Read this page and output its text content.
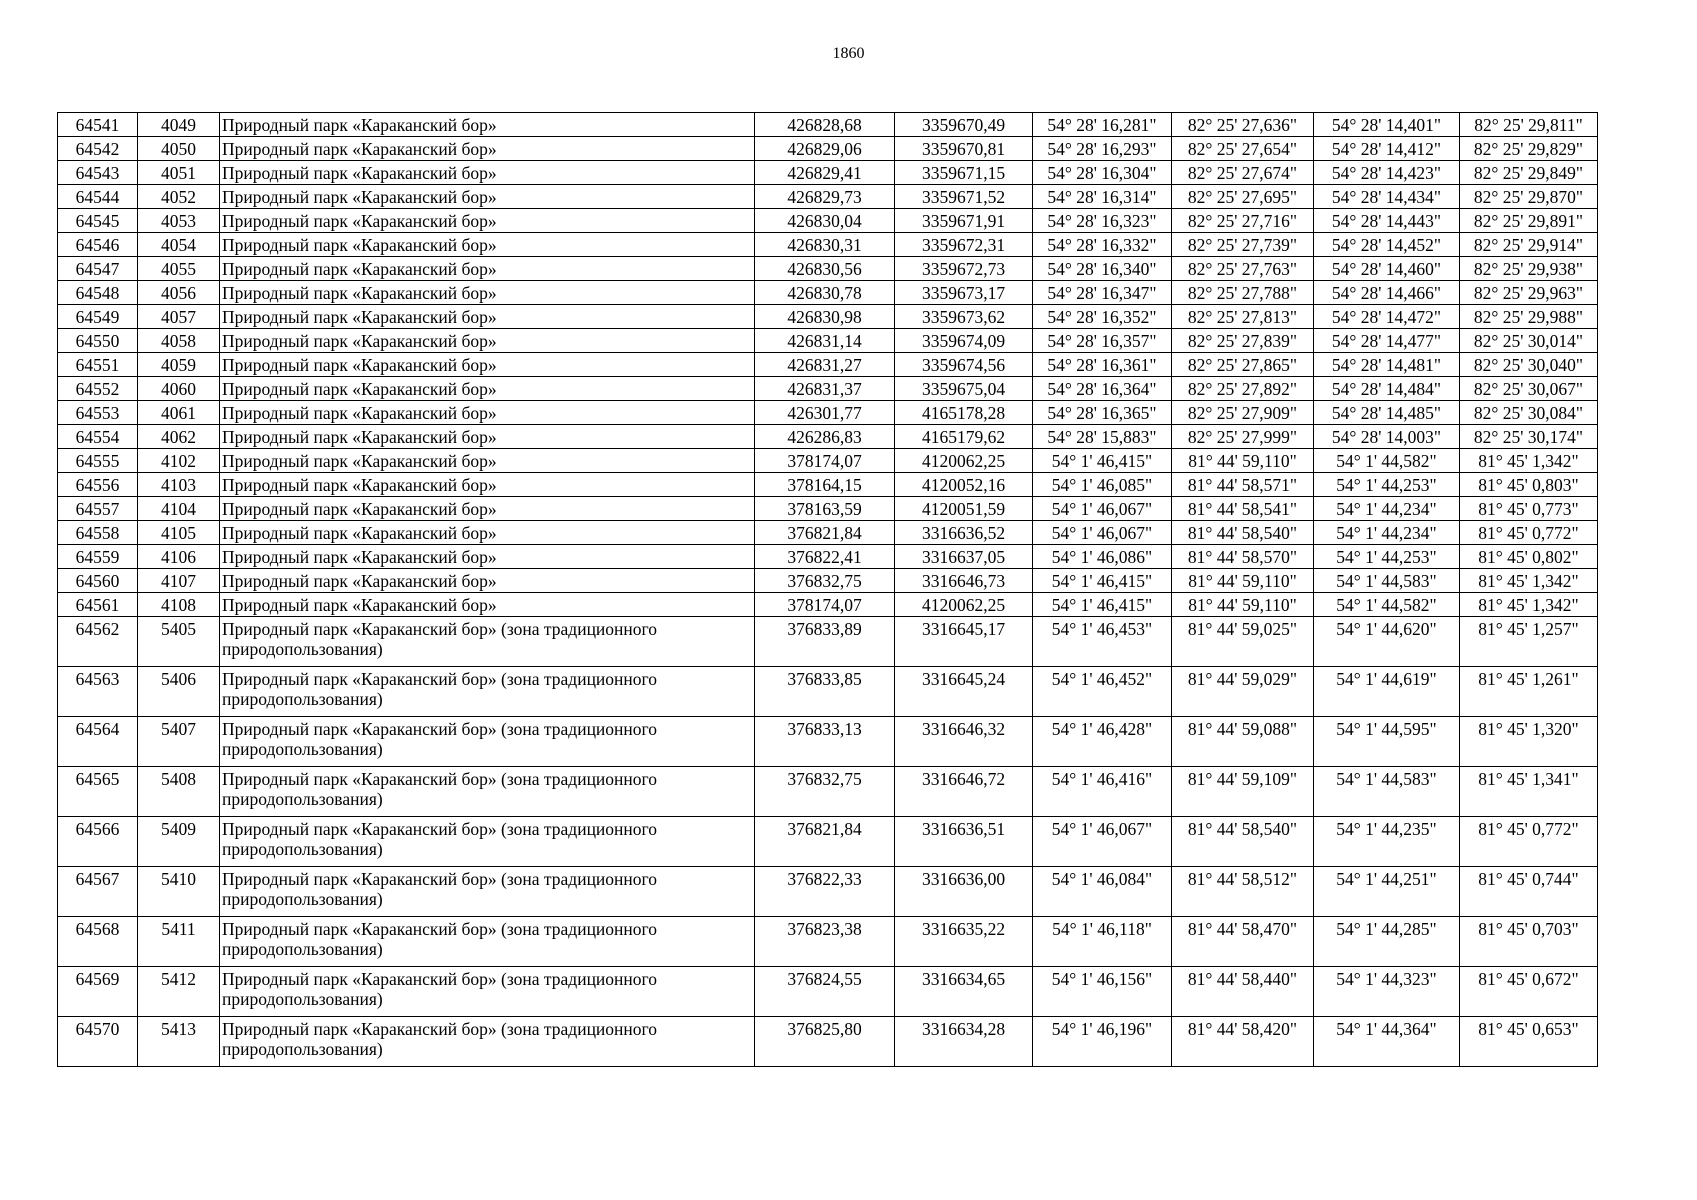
1860
64541	4049	Природный парк «Караканский бор»	426828,68	3359670,49	54° 28' 16,281"	82° 25' 27,636"	54° 28' 14,401"	82° 25' 29,811"
64542	4050	Природный парк «Караканский бор»	426829,06	3359670,81	54° 28' 16,293"	82° 25' 27,654"	54° 28' 14,412"	82° 25' 29,829"
64543	4051	Природный парк «Караканский бор»	426829,41	3359671,15	54° 28' 16,304"	82° 25' 27,674"	54° 28' 14,423"	82° 25' 29,849"
64544	4052	Природный парк «Караканский бор»	426829,73	3359671,52	54° 28' 16,314"	82° 25' 27,695"	54° 28' 14,434"	82° 25' 29,870"
64545	4053	Природный парк «Караканский бор»	426830,04	3359671,91	54° 28' 16,323"	82° 25' 27,716"	54° 28' 14,443"	82° 25' 29,891"
64546	4054	Природный парк «Караканский бор»	426830,31	3359672,31	54° 28' 16,332"	82° 25' 27,739"	54° 28' 14,452"	82° 25' 29,914"
64547	4055	Природный парк «Караканский бор»	426830,56	3359672,73	54° 28' 16,340"	82° 25' 27,763"	54° 28' 14,460"	82° 25' 29,938"
64548	4056	Природный парк «Караканский бор»	426830,78	3359673,17	54° 28' 16,347"	82° 25' 27,788"	54° 28' 14,466"	82° 25' 29,963"
64549	4057	Природный парк «Караканский бор»	426830,98	3359673,62	54° 28' 16,352"	82° 25' 27,813"	54° 28' 14,472"	82° 25' 29,988"
64550	4058	Природный парк «Караканский бор»	426831,14	3359674,09	54° 28' 16,357"	82° 25' 27,839"	54° 28' 14,477"	82° 25' 30,014"
64551	4059	Природный парк «Караканский бор»	426831,27	3359674,56	54° 28' 16,361"	82° 25' 27,865"	54° 28' 14,481"	82° 25' 30,040"
64552	4060	Природный парк «Караканский бор»	426831,37	3359675,04	54° 28' 16,364"	82° 25' 27,892"	54° 28' 14,484"	82° 25' 30,067"
64553	4061	Природный парк «Караканский бор»	426301,77	4165178,28	54° 28' 16,365"	82° 25' 27,909"	54° 28' 14,485"	82° 25' 30,084"
64554	4062	Природный парк «Караканский бор»	426286,83	4165179,62	54° 28' 15,883"	82° 25' 27,999"	54° 28' 14,003"	82° 25' 30,174"
64555	4102	Природный парк «Караканский бор»	378174,07	4120062,25	54° 1' 46,415"	81° 44' 59,110"	54° 1' 44,582"	81° 45' 1,342"
64556	4103	Природный парк «Караканский бор»	378164,15	4120052,16	54° 1' 46,085"	81° 44' 58,571"	54° 1' 44,253"	81° 45' 0,803"
64557	4104	Природный парк «Караканский бор»	378163,59	4120051,59	54° 1' 46,067"	81° 44' 58,541"	54° 1' 44,234"	81° 45' 0,773"
64558	4105	Природный парк «Караканский бор»	376821,84	3316636,52	54° 1' 46,067"	81° 44' 58,540"	54° 1' 44,234"	81° 45' 0,772"
64559	4106	Природный парк «Караканский бор»	376822,41	3316637,05	54° 1' 46,086"	81° 44' 58,570"	54° 1' 44,253"	81° 45' 0,802"
64560	4107	Природный парк «Караканский бор»	376832,75	3316646,73	54° 1' 46,415"	81° 44' 59,110"	54° 1' 44,583"	81° 45' 1,342"
64561	4108	Природный парк «Караканский бор»	378174,07	4120062,25	54° 1' 46,415"	81° 44' 59,110"	54° 1' 44,582"	81° 45' 1,342"
64562	5405	Природный парк «Караканский бор» (зона традиционного природопользования)	376833,89	3316645,17	54° 1' 46,453"	81° 44' 59,025"	54° 1' 44,620"	81° 45' 1,257"
64563	5406	Природный парк «Караканский бор» (зона традиционного природопользования)	376833,85	3316645,24	54° 1' 46,452"	81° 44' 59,029"	54° 1' 44,619"	81° 45' 1,261"
64564	5407	Природный парк «Караканский бор» (зона традиционного природопользования)	376833,13	3316646,32	54° 1' 46,428"	81° 44' 59,088"	54° 1' 44,595"	81° 45' 1,320"
64565	5408	Природный парк «Караканский бор» (зона традиционного природопользования)	376832,75	3316646,72	54° 1' 46,416"	81° 44' 59,109"	54° 1' 44,583"	81° 45' 1,341"
64566	5409	Природный парк «Караканский бор» (зона традиционного природопользования)	376821,84	3316636,51	54° 1' 46,067"	81° 44' 58,540"	54° 1' 44,235"	81° 45' 0,772"
64567	5410	Природный парк «Караканский бор» (зона традиционного природопользования)	376822,33	3316636,00	54° 1' 46,084"	81° 44' 58,512"	54° 1' 44,251"	81° 45' 0,744"
64568	5411	Природный парк «Караканский бор» (зона традиционного природопользования)	376823,38	3316635,22	54° 1' 46,118"	81° 44' 58,470"	54° 1' 44,285"	81° 45' 0,703"
64569	5412	Природный парк «Караканский бор» (зона традиционного природопользования)	376824,55	3316634,65	54° 1' 46,156"	81° 44' 58,440"	54° 1' 44,323"	81° 45' 0,672"
64570	5413	Природный парк «Караканский бор» (зона традиционного природопользования)	376825,80	3316634,28	54° 1' 46,196"	81° 44' 58,420"	54° 1' 44,364"	81° 45' 0,653"
